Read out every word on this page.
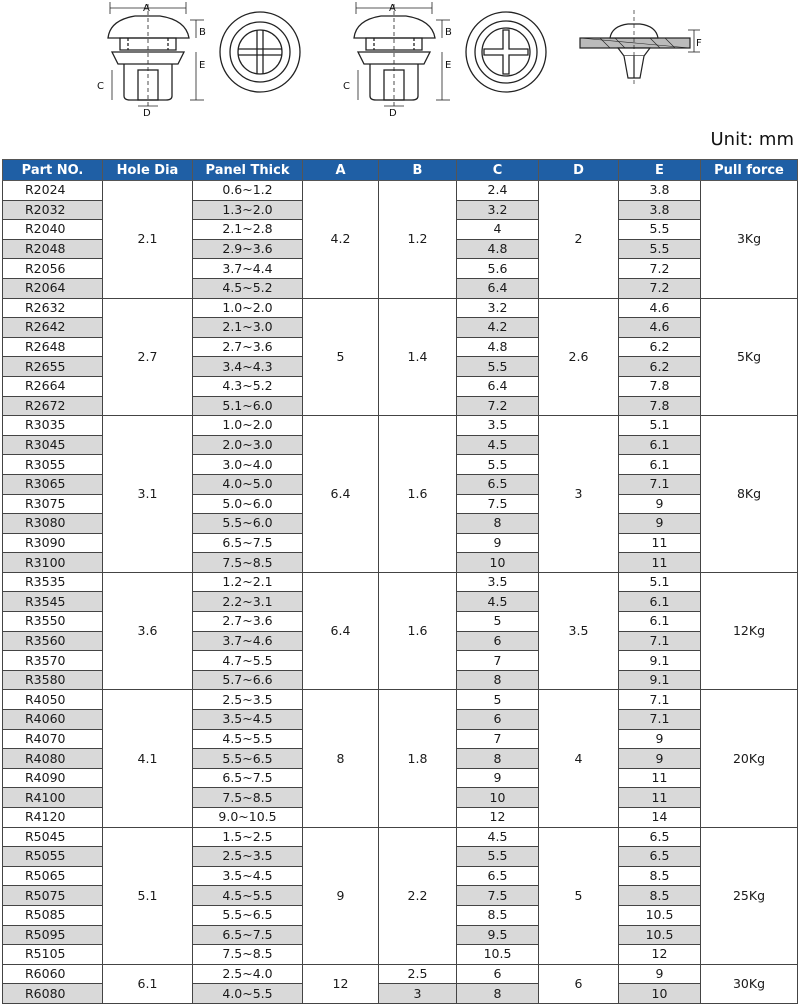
A
B
E
C
D
A
B
E
C
D
F
Unit: mm
Part NO.	Hole Dia	Panel Thick	A	B	C	D	E	Pull force
R2024	2.1	0.6~1.2	4.2	1.2	2.4	2	3.8	3Kg
R2032		1.3~2.0			3.2		3.8	
R2040		2.1~2.8			4		5.5	
R2048		2.9~3.6			4.8		5.5	
R2056		3.7~4.4			5.6		7.2	
R2064		4.5~5.2			6.4		7.2	
R2632	2.7	1.0~2.0	5	1.4	3.2	2.6	4.6	5Kg
R2642		2.1~3.0			4.2		4.6	
R2648		2.7~3.6			4.8		6.2	
R2655		3.4~4.3			5.5		6.2	
R2664		4.3~5.2			6.4		7.8	
R2672		5.1~6.0			7.2		7.8	
R3035	3.1	1.0~2.0	6.4	1.6	3.5	3	5.1	8Kg
R3045		2.0~3.0			4.5		6.1	
R3055		3.0~4.0			5.5		6.1	
R3065		4.0~5.0			6.5		7.1	
R3075		5.0~6.0			7.5		9	
R3080		5.5~6.0			8		9	
R3090		6.5~7.5			9		11	
R3100		7.5~8.5			10		11	
R3535	3.6	1.2~2.1	6.4	1.6	3.5	3.5	5.1	12Kg
R3545		2.2~3.1			4.5		6.1	
R3550		2.7~3.6			5		6.1	
R3560		3.7~4.6			6		7.1	
R3570		4.7~5.5			7		9.1	
R3580		5.7~6.6			8		9.1	
R4050	4.1	2.5~3.5	8	1.8	5	4	7.1	20Kg
R4060		3.5~4.5			6		7.1	
R4070		4.5~5.5			7		9	
R4080		5.5~6.5			8		9	
R4090		6.5~7.5			9		11	
R4100		7.5~8.5			10		11	
R4120		9.0~10.5			12		14	
R5045	5.1	1.5~2.5	9	2.2	4.5	5	6.5	25Kg
R5055		2.5~3.5			5.5		6.5	
R5065		3.5~4.5			6.5		8.5	
R5075		4.5~5.5			7.5		8.5	
R5085		5.5~6.5			8.5		10.5	
R5095		6.5~7.5			9.5		10.5	
R5105		7.5~8.5			10.5		12	
R6060	6.1	2.5~4.0	12	2.5	6	6	9	30Kg
R6080		4.0~5.5		3	8		10	
